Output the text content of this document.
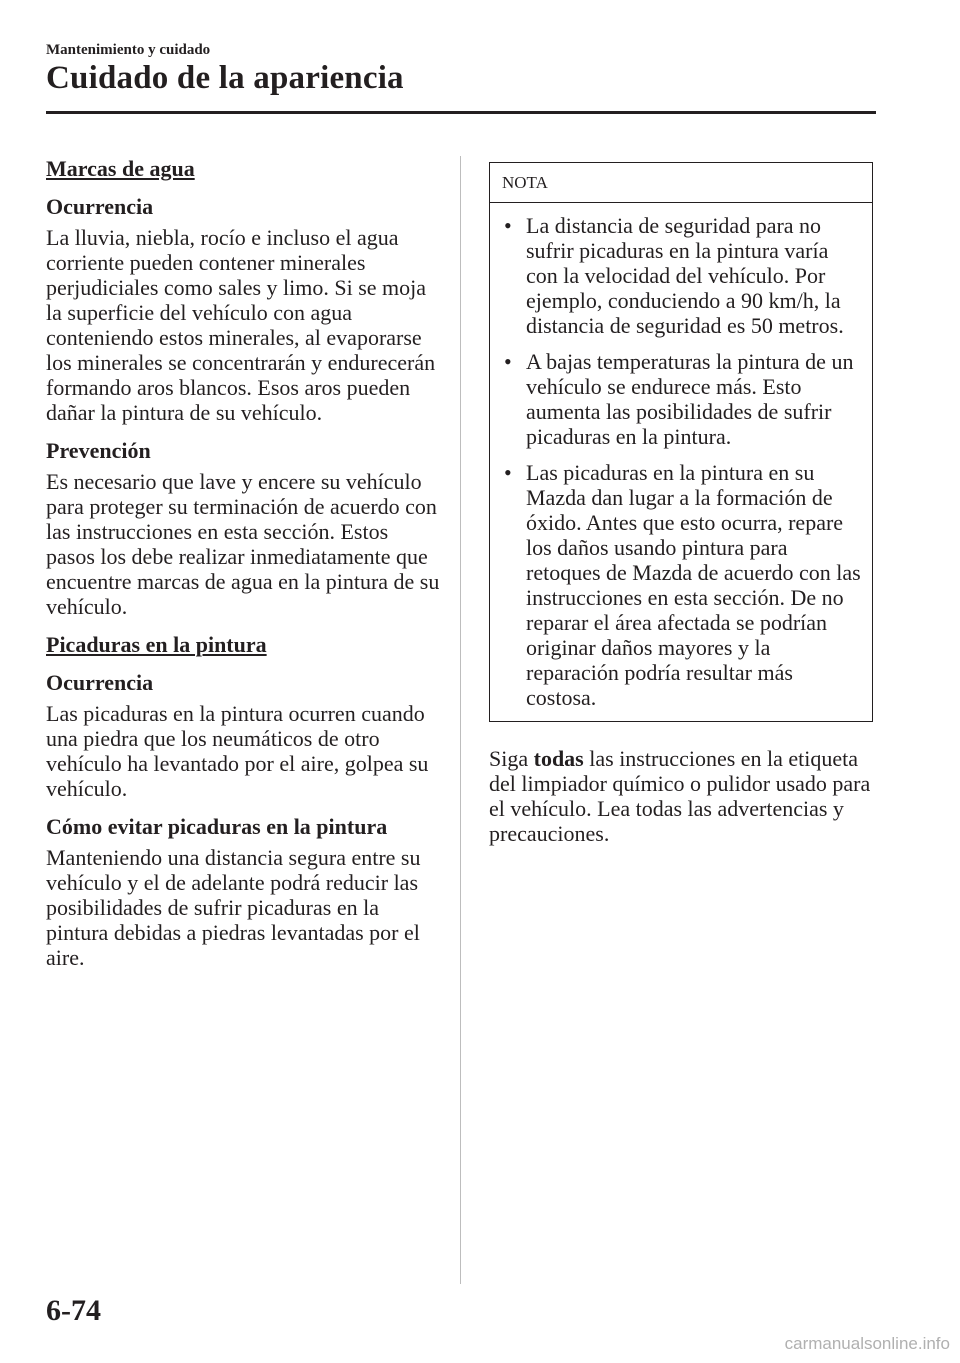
Mantenimiento y cuidado
Cuidado de la apariencia
Marcas de agua
Ocurrencia

La lluvia, niebla, rocío e incluso el agua corriente pueden contener minerales perjudiciales como sales y limo. Si se moja la superficie del vehículo con agua conteniendo estos minerales, al evaporarse los minerales se concentrarán y endurecerán formando aros blancos. Esos aros pueden dañar la pintura de su vehículo.

Prevención

Es necesario que lave y encere su vehículo para proteger su terminación de acuerdo con las instrucciones en esta sección. Estos pasos los debe realizar inmediatamente que encuentre marcas de agua en la pintura de su vehículo.

Picaduras en la pintura
Ocurrencia

Las picaduras en la pintura ocurren cuando una piedra que los neumáticos de otro vehículo ha levantado por el aire, golpea su vehículo.

Cómo evitar picaduras en la pintura

Manteniendo una distancia segura entre su vehículo y el de adelante podrá reducir las posibilidades de sufrir picaduras en la pintura debidas a piedras levantadas por el aire.

NOTA
• La distancia de seguridad para no sufrir picaduras en la pintura varía con la velocidad del vehículo. Por ejemplo, conduciendo a 90 km/h, la distancia de seguridad es 50 metros.
• A bajas temperaturas la pintura de un vehículo se endurece más. Esto aumenta las posibilidades de sufrir picaduras en la pintura.
• Las picaduras en la pintura en su Mazda dan lugar a la formación de óxido. Antes que esto ocurra, repare los daños usando pintura para retoques de Mazda de acuerdo con las instrucciones en esta sección. De no reparar el área afectada se podrían originar daños mayores y la reparación podría resultar más costosa.
Siga todas las instrucciones en la etiqueta del limpiador químico o pulidor usado para el vehículo. Lea todas las advertencias y precauciones.
6-74
carmanualsonline.info
